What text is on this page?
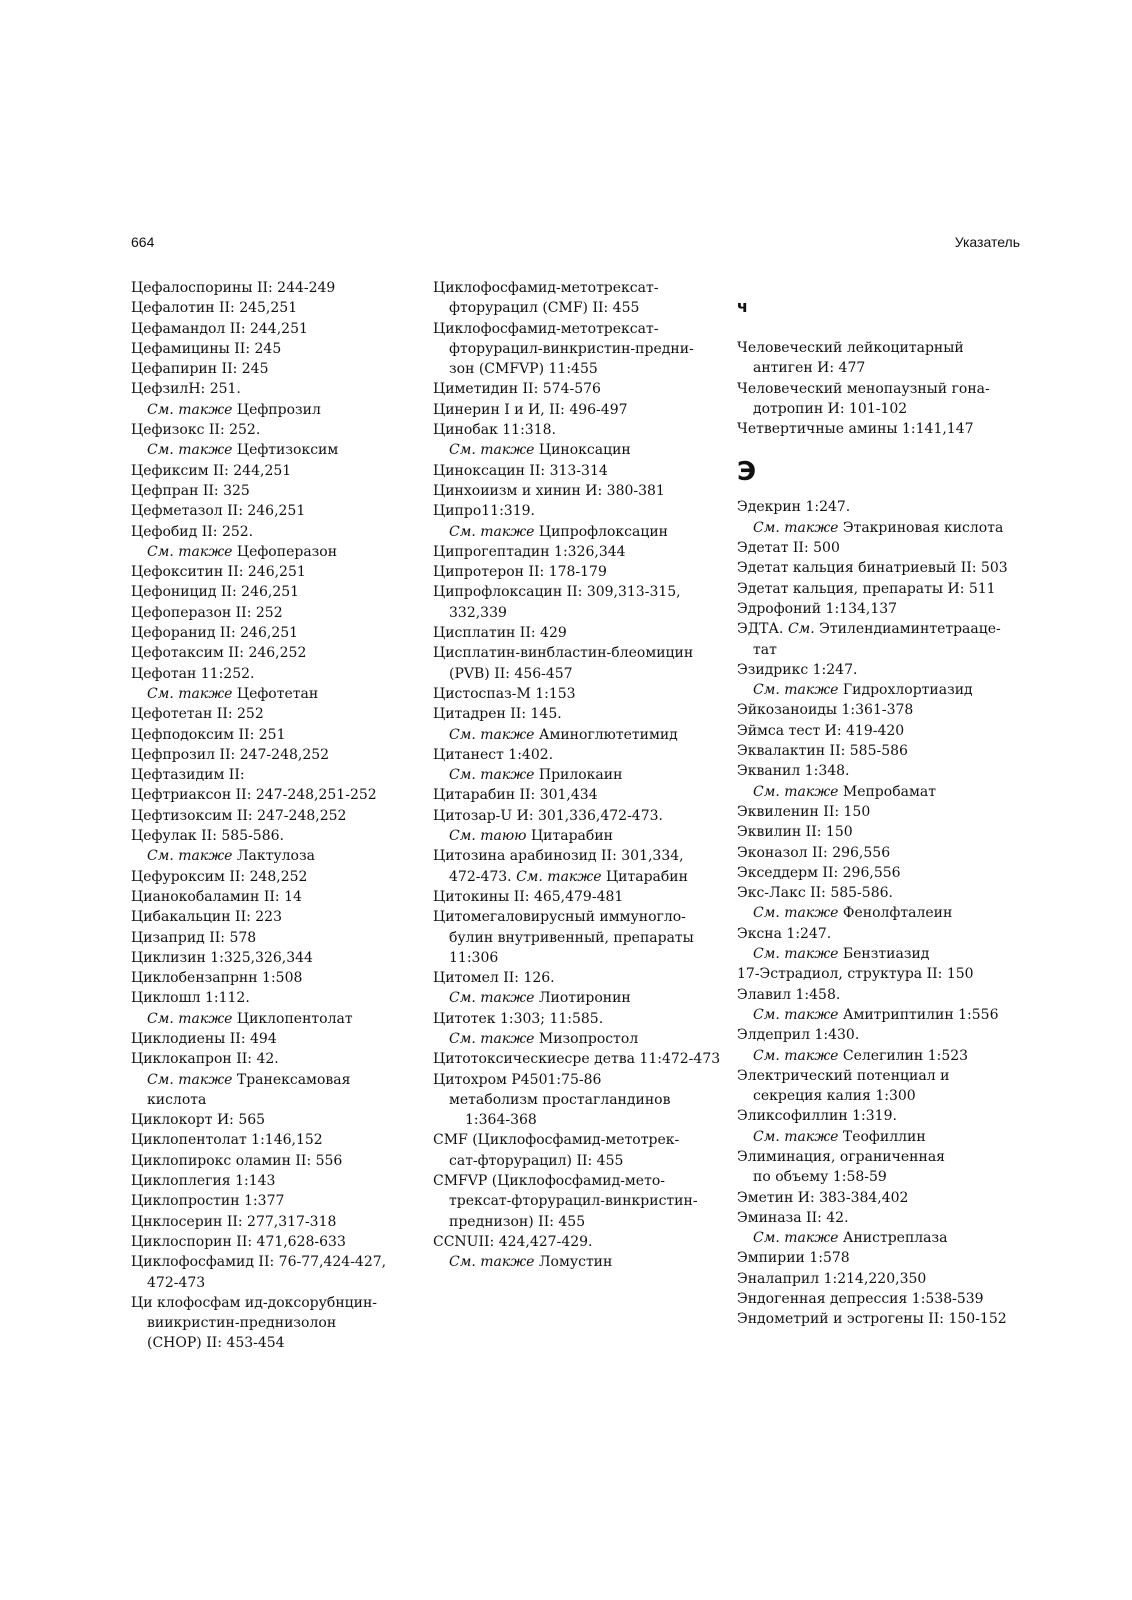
664	Указатель
Цефалоспорины II: 244-249
Цефалотин II: 245,251
Цефамандол II: 244,251
Цефамицины II: 245
Цефапирин II: 245
ЦефзилН: 251.
См. также Цефпрозил
Цефизокс II: 252.
См. также Цефтизоксим
Цефиксим II: 244,251
Цефпран II: 325
Цефметазол II: 246,251
Цефобид II: 252.
См. также Цефоперазон
Цефокситин II: 246,251
Цефоницид II: 246,251
Цефоперазон II: 252
Цефоранид II: 246,251
Цефотаксим II: 246,252
Цефотан 11:252.
См. также Цефотетан
Цефотетан II: 252
Цефподоксим II: 251
Цефпрозил II: 247-248,252
Цефтазидим II:
Цефтриаксон II: 247-248,251-252
Цефтизоксим II: 247-248,252
Цефулак II: 585-586.
См. также Лактулоза
Цефуроксим II: 248,252
Цианокобаламин II: 14
Цибакальцин II: 223
Цизаприд II: 578
Циклизин 1:325,326,344
Циклобензапрнн 1:508
Циклошл 1:112.
См. также Циклопентолат
Циклодиены II: 494
Циклокапрон II: 42.
См. также Транексамовая
кислота
Циклокорт И: 565
Циклопентолат 1:146,152
Циклопирокс оламин II: 556
Циклоплегия 1:143
Циклопростин 1:377
Цнклосерин II: 277,317-318
Циклоспорин II: 471,628-633
Циклофосфамид II: 76-77,424-427,
472-473
Ци клофосфам ид-доксорубнцин-
виикристин-преднизолон
(CHOP) II: 453-454
Циклофосфамид-метотрексат-
фторурацил (CMF) II: 455
Циклофосфамид-метотрексат-
фторурацил-винкристин-предни-
зон (CMFVP) 11:455
Циметидин II: 574-576
Цинерин I и И, II: 496-497
Цинобак 11:318.
См. также Циноксацин
Циноксацин II: 313-314
Цинхоиизм и хинин И: 380-381
Ципро11:319.
См. также Ципрофлоксацин
Ципрогептадин 1:326,344
Ципротерон II: 178-179
Ципрофлоксацин II: 309,313-315,
332,339
Цисплатин II: 429
Цисплатин-винбластин-блеомицин
(PVB) II: 456-457
Цистоспаз-М 1:153
Цитадрен II: 145.
См. также Аминоглютетимид
Цитанест 1:402.
См. также Прилокаин
Цитарабин II: 301,434
Цитозар-U И: 301,336,472-473.
См. таюю Цитарабин
Цитозина арабинозид II: 301,334,
472-473. См. также Цитарабин
Цитокины II: 465,479-481
Цитомегаловирусный иммуногло-
булин внутривенный, препараты
11:306
Цитомел II: 126.
См. также Лиотиронин
Цитотек 1:303; 11:585.
См. также Мизопростол
Цитотоксическиесре детва 11:472-473
Цитохром Р4501:75-86
метаболизм простагландинов
1:364-368
CMF (Циклофосфамид-метотрек-
сат-фторурацил) II: 455
CMFVP (Циклофосфамид-мето-
трексат-фторурацил-винкристин-
преднизон) II: 455
CCNUII: 424,427-429.
См. также Ломустин
ч
Человеческий лейкоцитарный
антиген И: 477
Человеческий менопаузный гона-
дотропин И: 101-102
Четвертичные амины 1:141,147
Э
Эдекрин 1:247.
См. также Этакриновая кислота
Эдетат II: 500
Эдетат кальция бинатриевый II: 503
Эдетат кальция, препараты И: 511
Эдрофоний 1:134,137
ЭДТА. См. Этилендиаминтетрааце-
тат
Эзидрикс 1:247.
См. также Гидрохлортиазид
Эйкозаноиды 1:361-378
Эймса тест И: 419-420
Эквалактин II: 585-586
Экванил 1:348.
См. также Мепробамат
Эквиленин II: 150
Эквилин II: 150
Эконазол II: 296,556
Экседдерм II: 296,556
Экс-Лакс II: 585-586.
См. также Фенолфталеин
Эксна 1:247.
См. также Бензтиазид
17-Эстрадиол, структура II: 150
Элавил 1:458.
См. также Амитриптилин 1:556
Элдеприл 1:430.
См. также Селегилин 1:523
Электрический потенциал и
секреция калия 1:300
Эликсофиллин 1:319.
См. также Теофиллин
Элиминация, ограниченная
по объему 1:58-59
Эметин И: 383-384,402
Эминаза II: 42.
См. также Анистреплаза
Эмпирии 1:578
Эналаприл 1:214,220,350
Эндогенная депрессия 1:538-539
Эндометрий и эстрогены II: 150-152
